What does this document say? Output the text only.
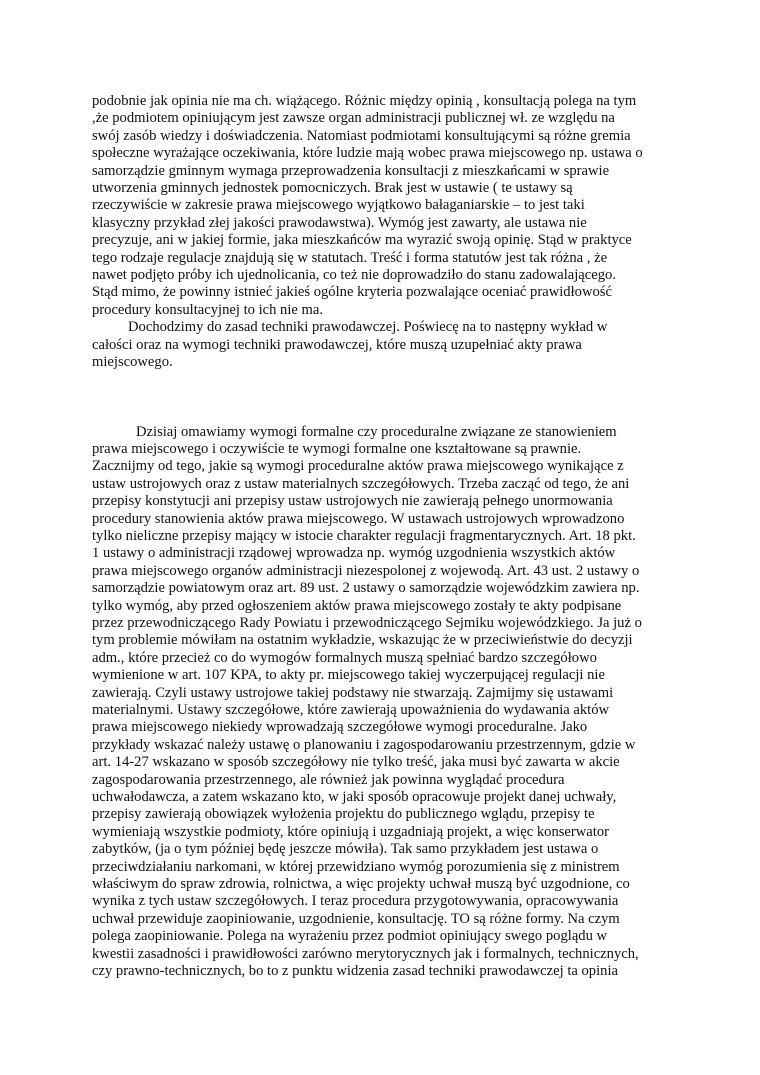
podobnie jak opinia nie ma ch. wiążącego. Różnic między opinią , konsultacją polega na tym
,że podmiotem opiniującym jest zawsze organ administracji publicznej wł. ze względu na
swój zasób wiedzy i doświadczenia. Natomiast podmiotami konsultującymi są różne gremia
społeczne wyrażające oczekiwania, które ludzie mają wobec prawa miejscowego np. ustawa o
samorządzie gminnym wymaga przeprowadzenia konsultacji z mieszkańcami w sprawie
utworzenia gminnych jednostek pomocniczych. Brak jest w ustawie ( te ustawy są
rzeczywiście w zakresie prawa miejscowego wyjątkowo bałaganiarskie – to jest taki
klasyczny przykład złej jakości prawodawstwa). Wymóg jest zawarty, ale ustawa nie
precyzuje, ani w jakiej formie, jaka mieszkańców ma wyrazić swoją opinię. Stąd w praktyce
tego rodzaje regulacje znajdują się w statutach. Treść i forma statutów jest tak różna , że
nawet podjęto próby ich ujednolicania, co też nie doprowadziło do stanu zadowalającego.
Stąd mimo, że powinny istnieć jakieś ogólne kryteria pozwalające oceniać prawidłowość
procedury konsultacyjnej to ich nie ma.
Dochodzimy do zasad techniki prawodawczej. Poświecę na to następny wykład w
całości oraz na wymogi techniki prawodawczej, które muszą uzupełniać akty prawa
miejscowego.
Dzisiaj omawiamy wymogi formalne czy proceduralne związane ze stanowieniem
prawa miejscowego i oczywiście te wymogi formalne one kształtowane są prawnie.
Zacznijmy od tego, jakie są wymogi proceduralne aktów prawa miejscowego wynikające z
ustaw ustrojowych oraz z ustaw materialnych szczegółowych. Trzeba zacząć od tego, że ani
przepisy konstytucji ani przepisy ustaw ustrojowych nie zawierają pełnego unormowania
procedury stanowienia aktów prawa miejscowego. W ustawach ustrojowych wprowadzono
tylko nieliczne przepisy mający w istocie charakter regulacji fragmentarycznych. Art. 18 pkt.
1 ustawy o administracji rządowej wprowadza np. wymóg uzgodnienia wszystkich aktów
prawa miejscowego organów administracji niezespolonej z wojewodą. Art. 43 ust. 2 ustawy o
samorządzie powiatowym oraz art. 89 ust. 2 ustawy o samorządzie wojewódzkim zawiera np.
tylko wymóg, aby przed ogłoszeniem aktów prawa miejscowego zostały te akty podpisane
przez przewodniczącego Rady Powiatu i przewodniczącego Sejmiku wojewódzkiego. Ja już o
tym problemie mówiłam na ostatnim wykładzie, wskazując że w przeciwieństwie do decyzji
adm., które przecież co do wymogów formalnych muszą spełniać bardzo szczegółowo
wymienione w art. 107 KPA, to akty pr. miejscowego takiej wyczerpującej regulacji nie
zawierają. Czyli ustawy ustrojowe takiej podstawy nie stwarzają. Zajmijmy się ustawami
materialnymi. Ustawy szczegółowe, które zawierają upoważnienia do wydawania aktów
prawa miejscowego niekiedy wprowadzają szczegółowe wymogi proceduralne. Jako
przykłady wskazać należy ustawę o planowaniu i zagospodarowaniu przestrzennym, gdzie w
art. 14-27 wskazano w sposób szczegółowy nie tylko treść, jaka musi być zawarta w akcie
zagospodarowania przestrzennego, ale również jak powinna wyglądać procedura
uchwałodawcza, a zatem wskazano kto, w jaki sposób opracowuje projekt danej uchwały,
przepisy zawierają obowiązek wyłożenia projektu do publicznego wglądu, przepisy te
wymieniają wszystkie podmioty, które opiniują i uzgadniają projekt, a więc konserwator
zabytków, (ja o tym później będę jeszcze mówiła). Tak samo przykładem jest ustawa o
przeciwdziałaniu narkomani, w której przewidziano wymóg porozumienia się z ministrem
właściwym do spraw zdrowia, rolnictwa, a więc projekty uchwał muszą być uzgodnione, co
wynika z tych ustaw szczegółowych. I teraz procedura przygotowywania, opracowywania
uchwał przewiduje zaopiniowanie, uzgodnienie, konsultację. TO są różne formy. Na czym
polega zaopiniowanie. Polega na wyrażeniu przez podmiot opiniujący swego poglądu w
kwestii zasadności i prawidłowości zarówno merytorycznych jak i formalnych, technicznych,
czy prawno-technicznych, bo to z punktu widzenia zasad techniki prawodawczej ta opinia
